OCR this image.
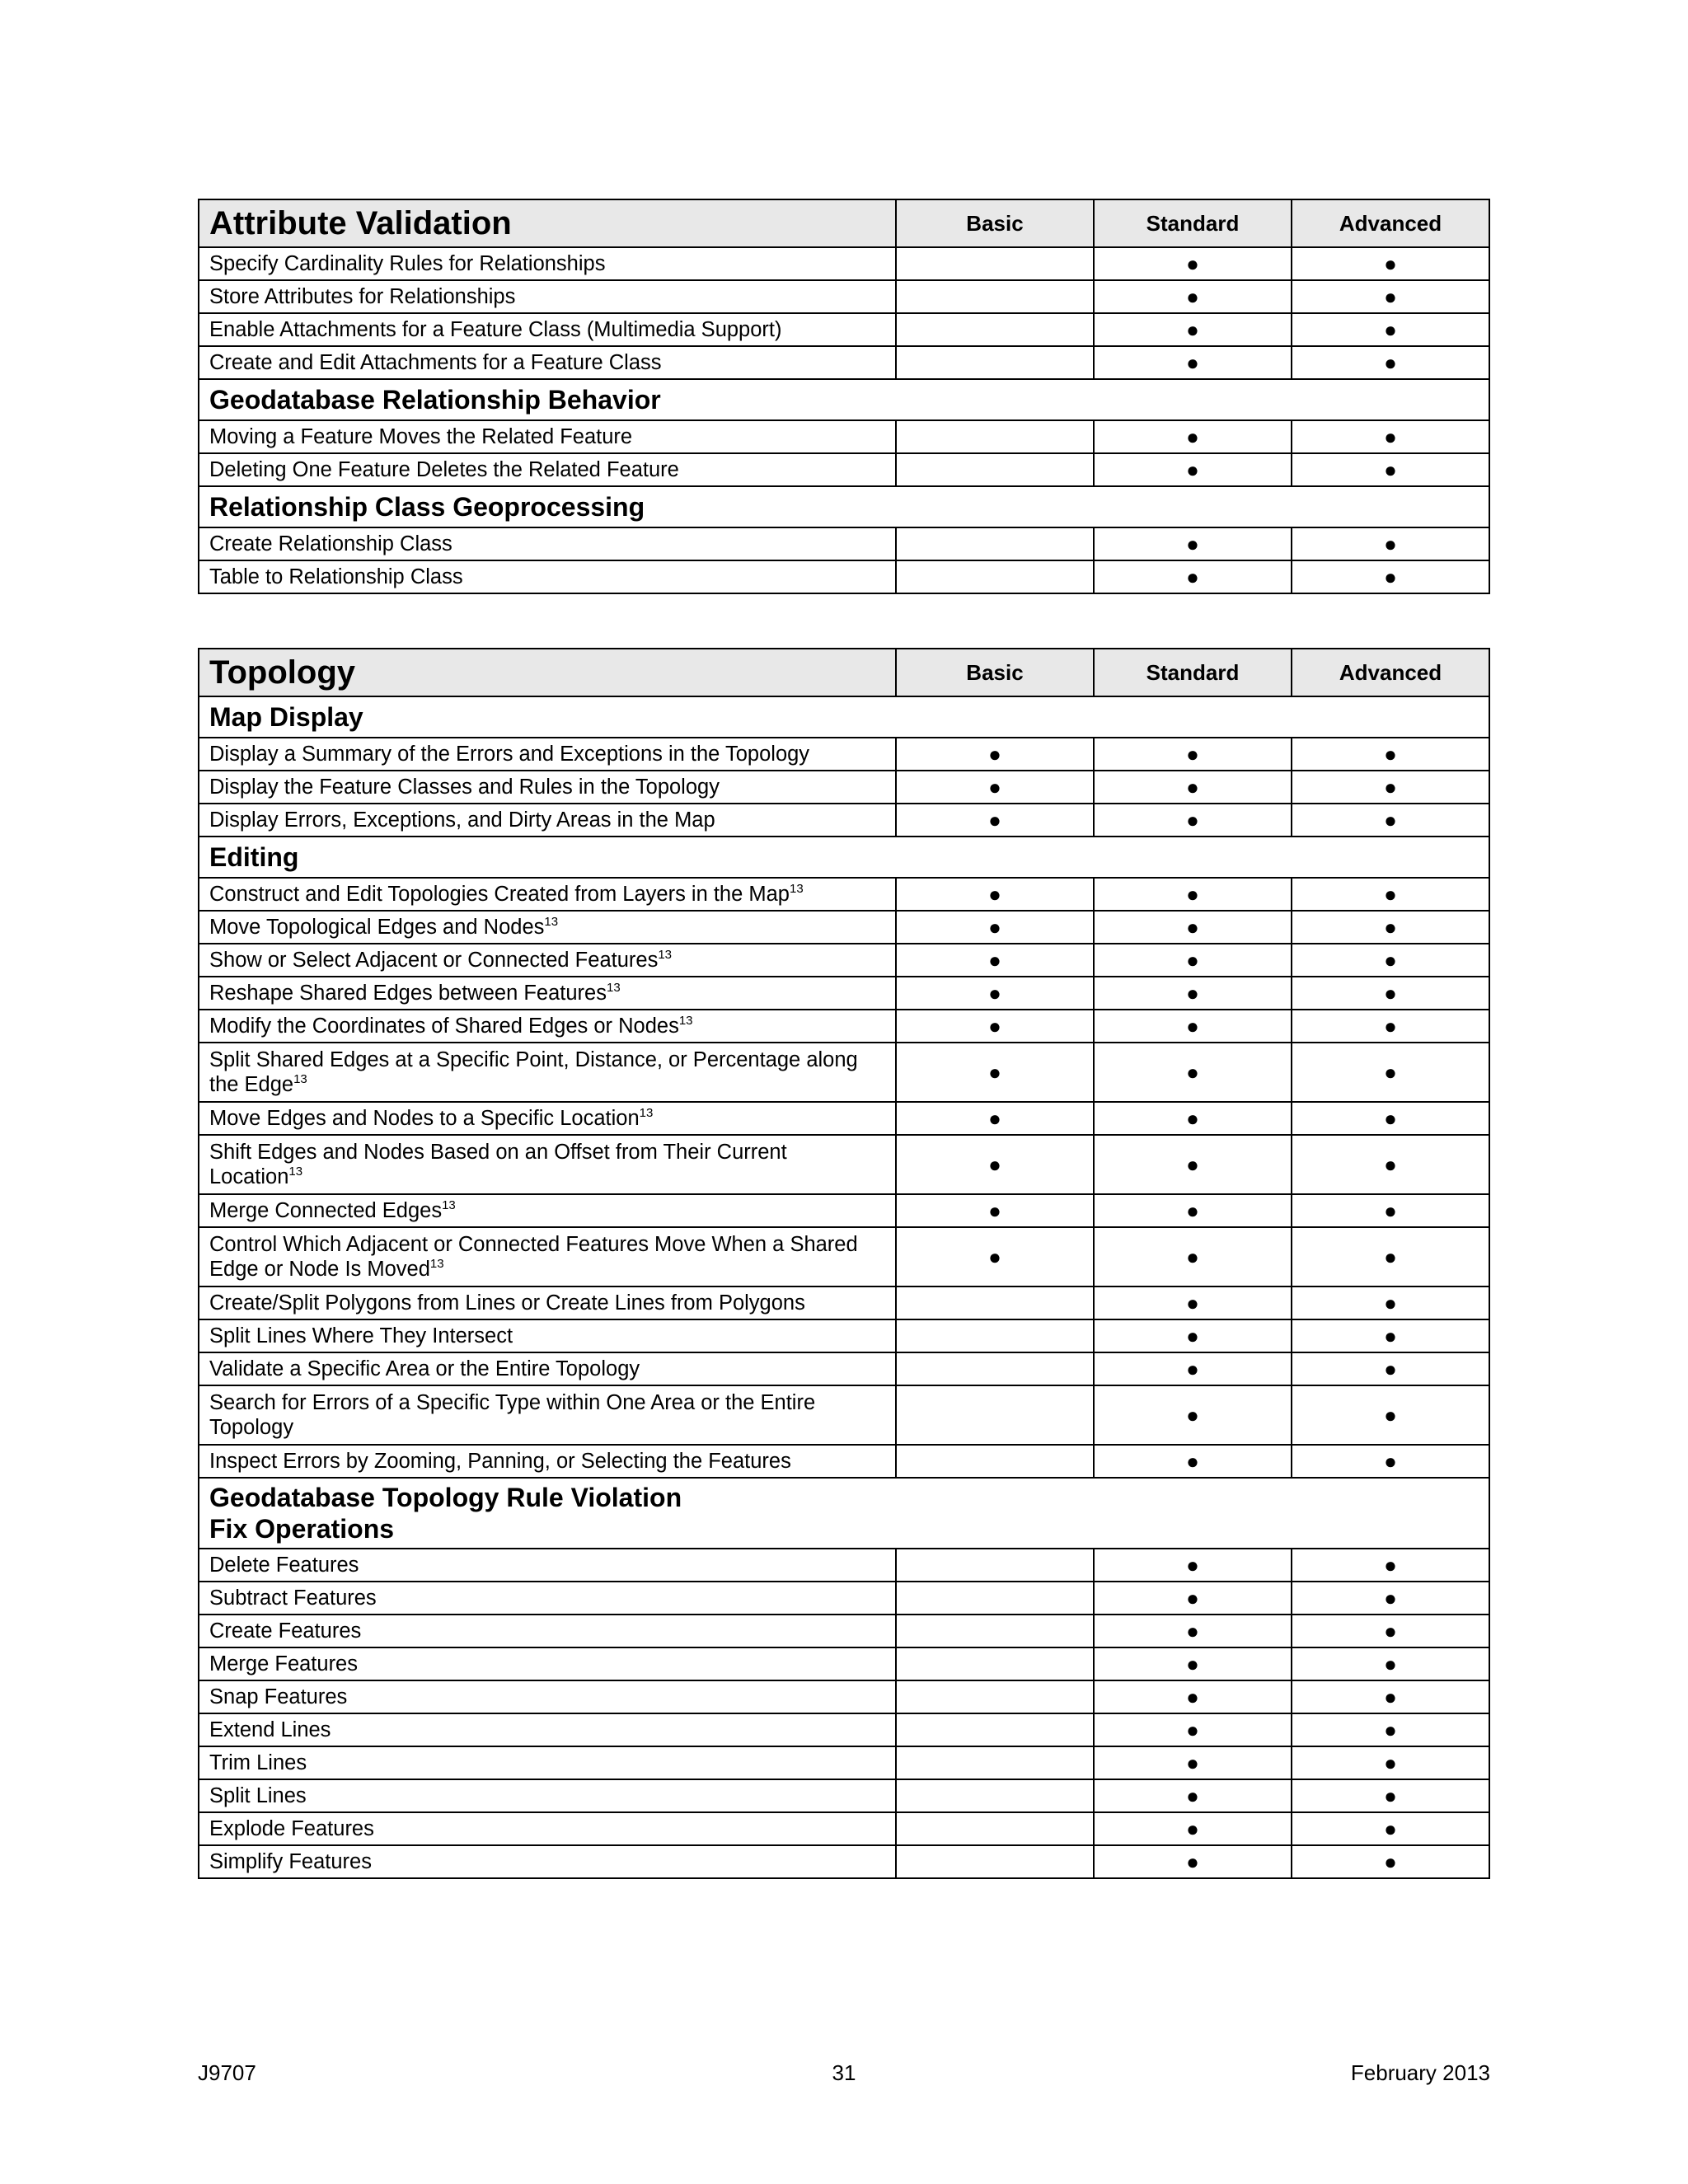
Attribute Validation	Basic	Standard	Advanced
Specify Cardinality Rules for Relationships		●	●
Store Attributes for Relationships		●	●
Enable Attachments for a Feature Class (Multimedia Support)		●	●
Create and Edit Attachments for a Feature Class		●	●
Geodatabase Relationship Behavior			
Moving a Feature Moves the Related Feature		●	●
Deleting One Feature Deletes the Related Feature		●	●
Relationship Class Geoprocessing			
Create Relationship Class		●	●
Table to Relationship Class		●	●
Topology	Basic	Standard	Advanced
Map Display			
Display a Summary of the Errors and Exceptions in the Topology	●	●	●
Display the Feature Classes and Rules in the Topology	●	●	●
Display Errors, Exceptions, and Dirty Areas in the Map	●	●	●
Editing			
Construct and Edit Topologies Created from Layers in the Map$^{13}$	●	●	●
Move Topological Edges and Nodes$^{13}$	●	●	●
Show or Select Adjacent or Connected Features$^{13}$	●	●	●
Reshape Shared Edges between Features$^{13}$	●	●	●
Modify the Coordinates of Shared Edges or Nodes$^{13}$	●	●	●
Split Shared Edges at a Specific Point, Distance, or Percentage along the Edge$^{13}$	●	●	●
Move Edges and Nodes to a Specific Location$^{13}$	●	●	●
Shift Edges and Nodes Based on an Offset from Their Current Location$^{13}$	●	●	●
Merge Connected Edges$^{13}$	●	●	●
Control Which Adjacent or Connected Features Move When a Shared Edge or Node Is Moved$^{13}$	●	●	●
Create/Split Polygons from Lines or Create Lines from Polygons		●	●
Split Lines Where They Intersect		●	●
Validate a Specific Area or the Entire Topology		●	●
Search for Errors of a Specific Type within One Area or the Entire Topology		●	●
Inspect Errors by Zooming, Panning, or Selecting the Features		●	●
Geodatabase Topology Rule Violation
Fix Operations			
Delete Features		●	●
Subtract Features		●	●
Create Features		●	●
Merge Features		●	●
Snap Features		●	●
Extend Lines		●	●
Trim Lines		●	●
Split Lines		●	●
Explode Features		●	●
Simplify Features		●	●
J9707	31	February 2013
